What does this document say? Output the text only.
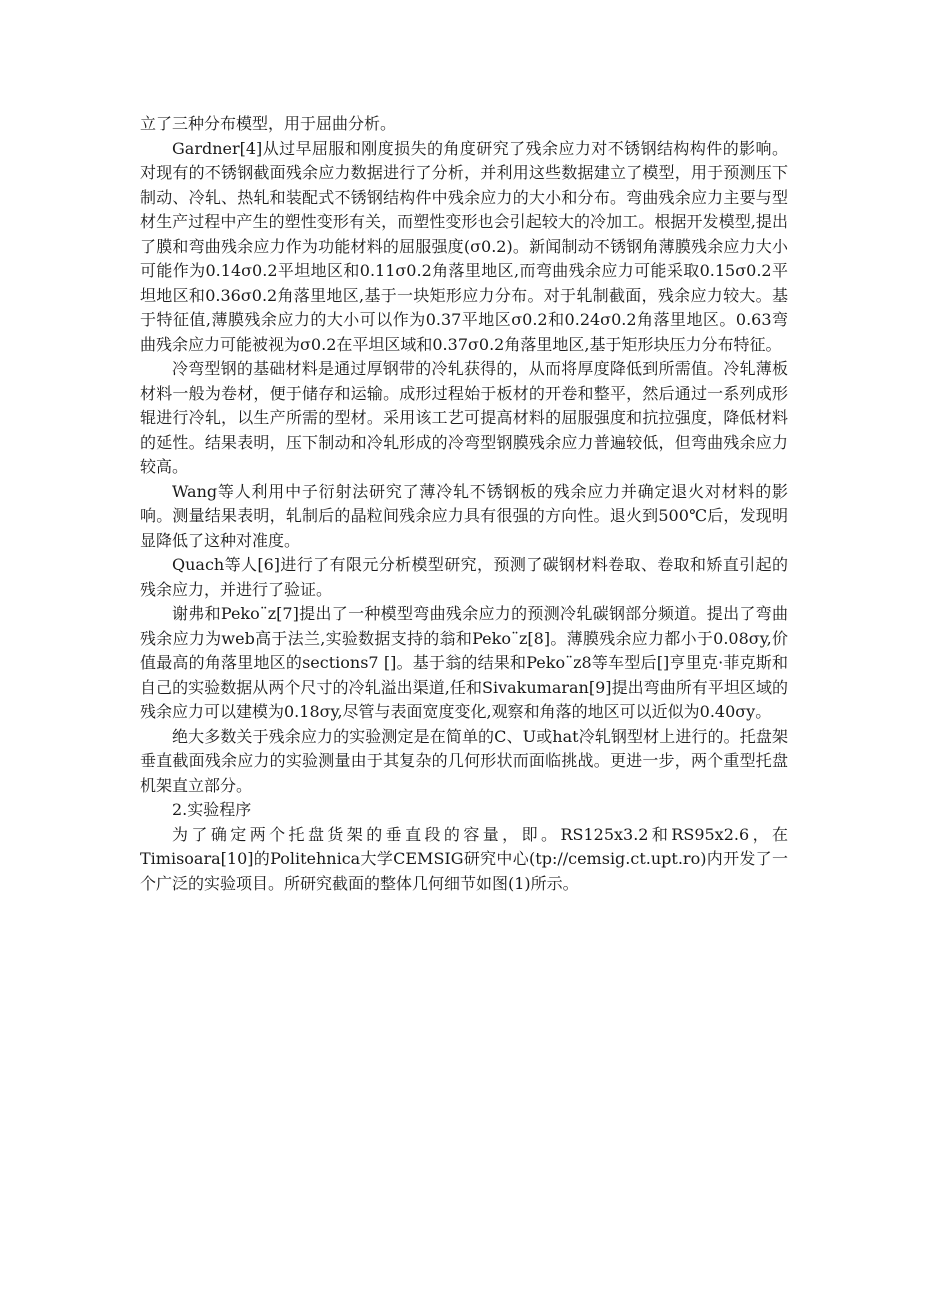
立了三种分布模型，用于屈曲分析。

Gardner[4]从过早屈服和刚度损失的角度研究了残余应力对不锈钢结构构件的影响。对现有的不锈钢截面残余应力数据进行了分析，并利用这些数据建立了模型，用于预测压下制动、冷轧、热轧和装配式不锈钢结构件中残余应力的大小和分布。弯曲残余应力主要与型材生产过程中产生的塑性变形有关，而塑性变形也会引起较大的冷加工。根据开发模型,提出了膜和弯曲残余应力作为功能材料的屈服强度(σ0.2)。新闻制动不锈钢角薄膜残余应力大小可能作为0.14σ0.2平坦地区和0.11σ0.2角落里地区,而弯曲残余应力可能采取0.15σ0.2平坦地区和0.36σ0.2角落里地区,基于一块矩形应力分布。对于轧制截面，残余应力较大。基于特征值,薄膜残余应力的大小可以作为0.37平地区σ0.2和0.24σ0.2角落里地区。0.63弯曲残余应力可能被视为σ0.2在平坦区域和0.37σ0.2角落里地区,基于矩形块压力分布特征。

冷弯型钢的基础材料是通过厚钢带的冷轧获得的，从而将厚度降低到所需值。冷轧薄板材料一般为卷材，便于储存和运输。成形过程始于板材的开卷和整平，然后通过一系列成形辊进行冷轧，以生产所需的型材。采用该工艺可提高材料的屈服强度和抗拉强度，降低材料的延性。结果表明，压下制动和冷轧形成的冷弯型钢膜残余应力普遍较低，但弯曲残余应力较高。

Wang等人利用中子衍射法研究了薄冷轧不锈钢板的残余应力并确定退火对材料的影响。测量结果表明，轧制后的晶粒间残余应力具有很强的方向性。退火到500℃后，发现明显降低了这种对准度。

Quach等人[6]进行了有限元分析模型研究，预测了碳钢材料卷取、卷取和矫直引起的残余应力，并进行了验证。

谢弗和Peko¨z[7]提出了一种模型弯曲残余应力的预测冷轧碳钢部分频道。提出了弯曲残余应力为web高于法兰,实验数据支持的翁和Peko¨z[8]。薄膜残余应力都小于0.08σy,价值最高的角落里地区的sections7 []。基于翁的结果和Peko¨z8等车型后[]亨里克·菲克斯和自己的实验数据从两个尺寸的冷轧溢出渠道,任和Sivakumaran[9]提出弯曲所有平坦区域的残余应力可以建模为0.18σy,尽管与表面宽度变化,观察和角落的地区可以近似为0.40σy。

绝大多数关于残余应力的实验测定是在简单的C、U或hat冷轧钢型材上进行的。托盘架垂直截面残余应力的实验测量由于其复杂的几何形状而面临挑战。更进一步，两个重型托盘机架直立部分。

2.实验程序

为了确定两个托盘货架的垂直段的容量，即。RS125x3.2和RS95x2.6，在Timisoara[10]的Politehnica大学CEMSIG研究中心(tp://cemsig.ct.upt.ro)内开发了一个广泛的实验项目。所研究截面的整体几何细节如图(1)所示。
